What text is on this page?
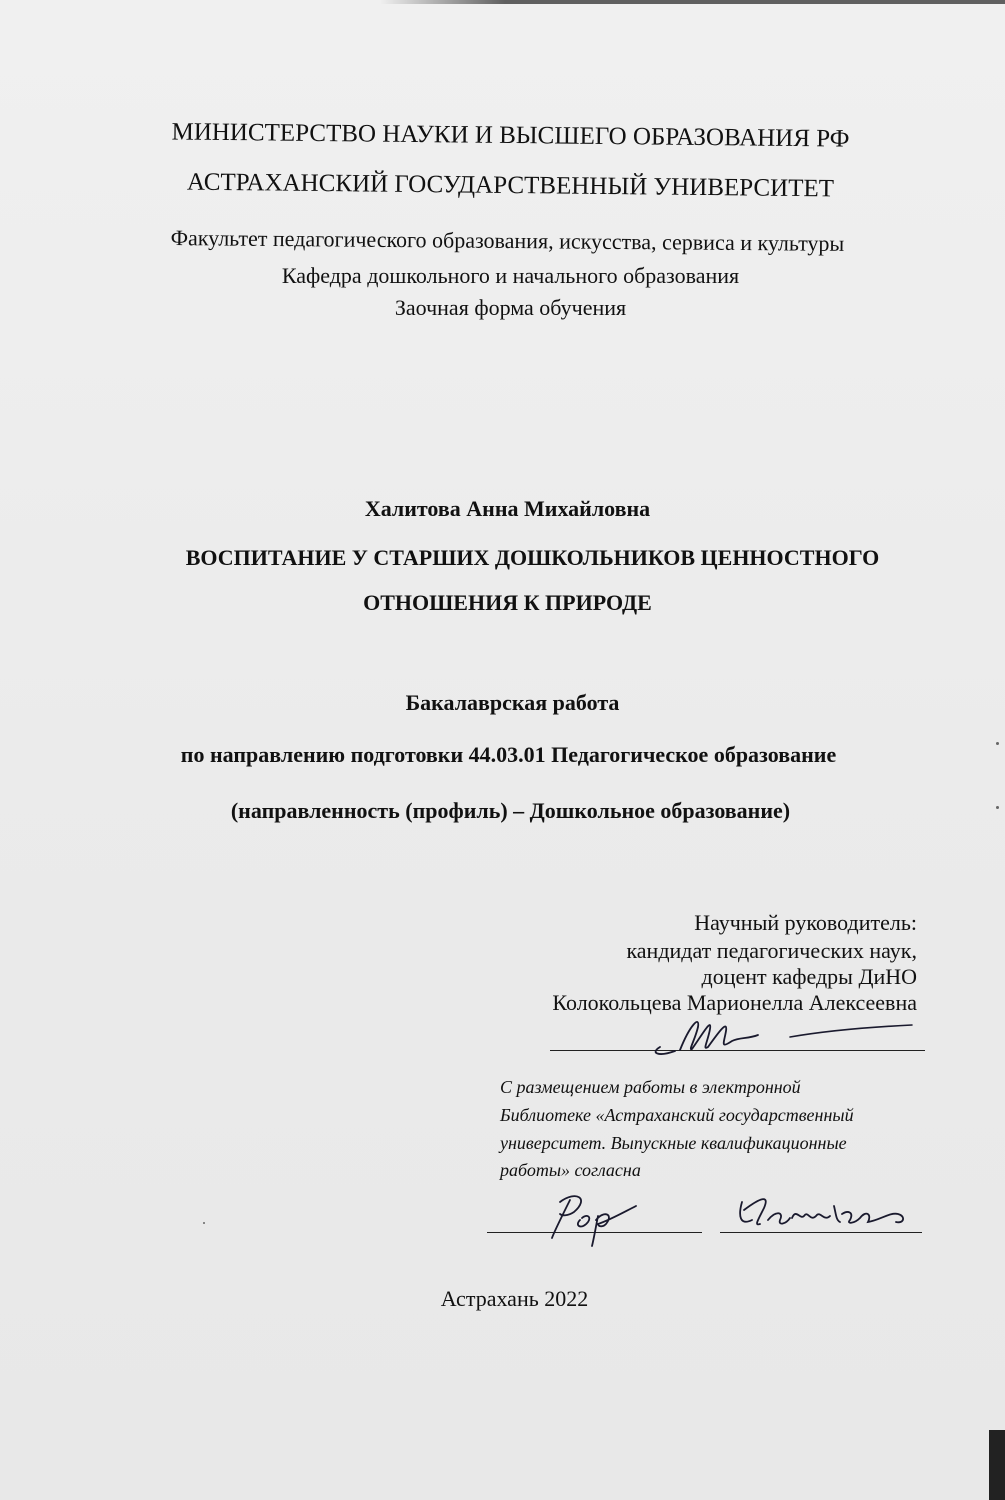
МИНИСТЕРСТВО НАУКИ И ВЫСШЕГО ОБРАЗОВАНИЯ РФ
АСТРАХАНСКИЙ ГОСУДАРСТВЕННЫЙ УНИВЕРСИТЕТ
Факультет педагогического образования, искусства, сервиса и культуры
Кафедра дошкольного и начального образования
Заочная форма обучения
Халитова Анна Михайловна
ВОСПИТАНИЕ У СТАРШИХ ДОШКОЛЬНИКОВ ЦЕННОСТНОГО
ОТНОШЕНИЯ К ПРИРОДЕ
Бакалаврская работа
по направлению подготовки 44.03.01 Педагогическое образование
(направленность (профиль) – Дошкольное образование)
Научный руководитель:
кандидат педагогических наук,
доцент кафедры ДиНО
Колокольцева Марионелла Алексеевна
С размещением работы в электронной
Библиотеке «Астраханский государственный
университет. Выпускные квалификационные
работы» согласна
Астрахань 2022
